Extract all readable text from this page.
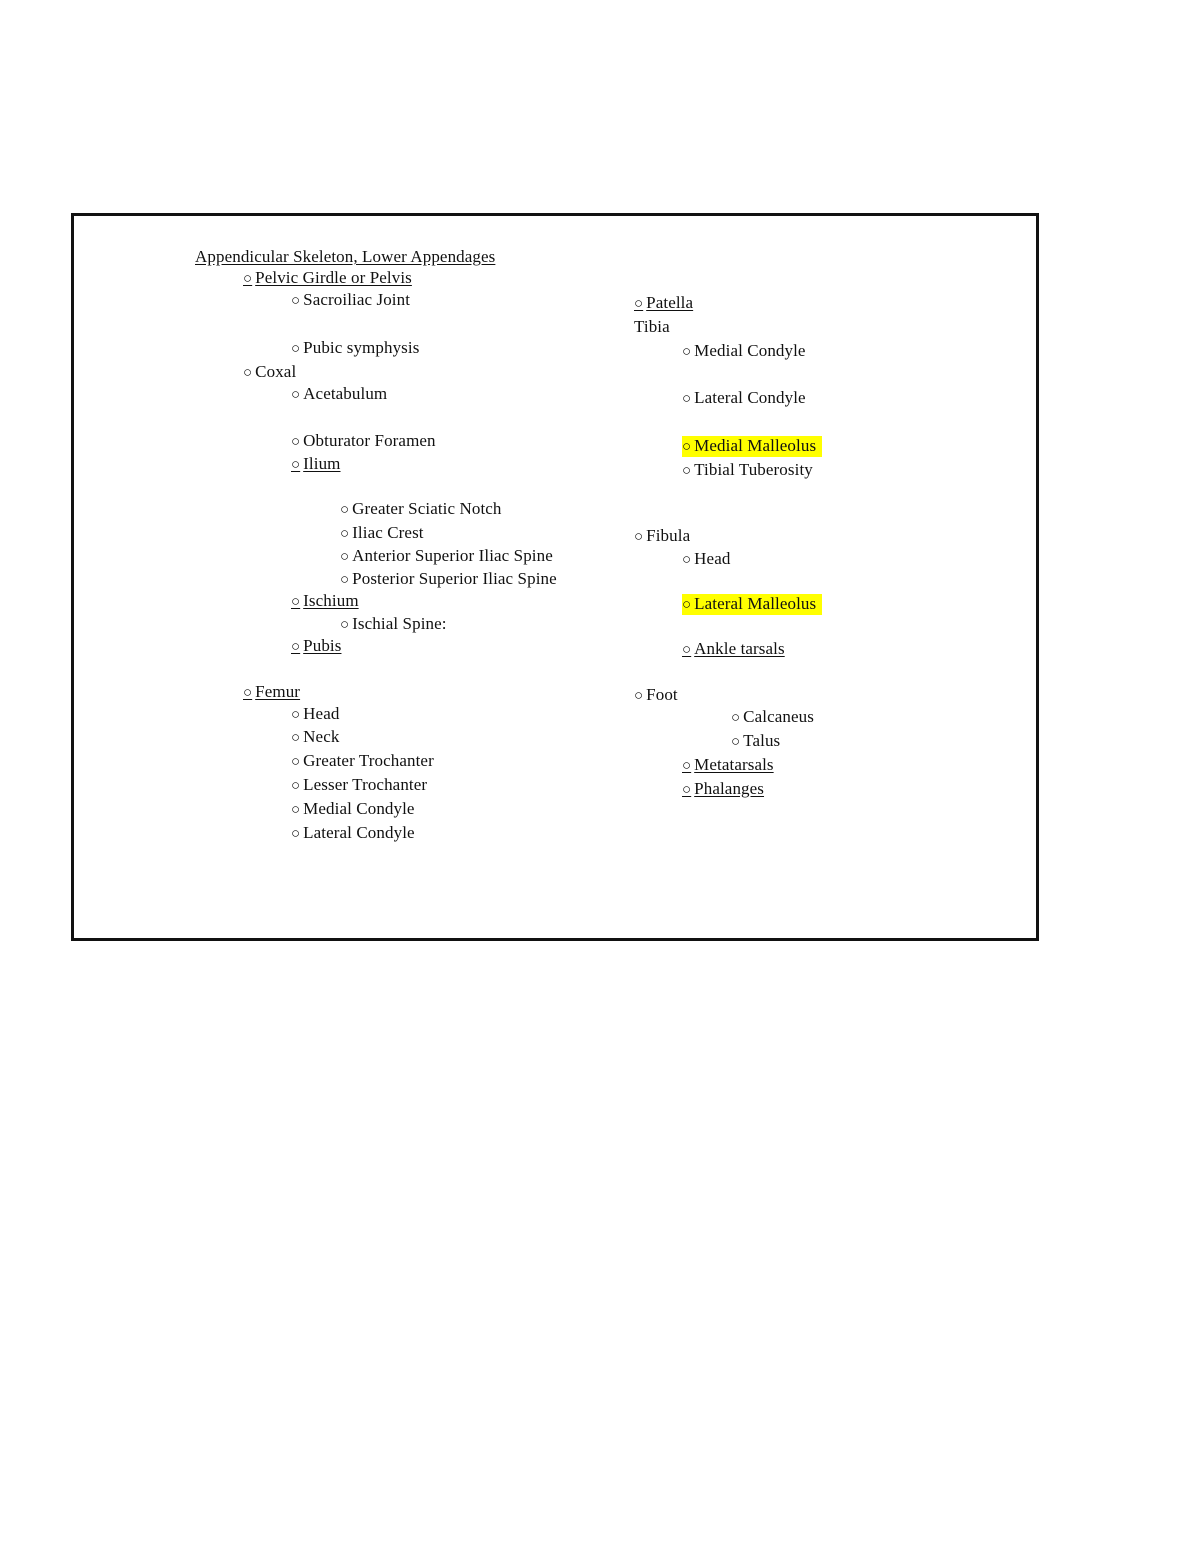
Appendicular Skeleton, Lower Appendages
○ Pelvic Girdle or Pelvis
○ Sacroiliac Joint
○ Pubic symphysis
○ Coxal
○ Acetabulum
○ Obturator Foramen
○ Ilium
○ Greater Sciatic Notch
○ Iliac Crest
○ Anterior Superior Iliac Spine
○ Posterior Superior Iliac Spine
○ Ischium
○ Ischial Spine:
○ Pubis
○ Femur
○ Head
○ Neck
○ Greater Trochanter
○ Lesser Trochanter
○ Medial Condyle
○ Lateral Condyle
○ Patella
Tibia
○ Medial Condyle
○ Lateral Condyle
○ Medial Malleolus
○ Tibial Tuberosity
○ Fibula
○ Head
○ Lateral Malleolus
○ Ankle tarsals
○ Foot
○ Calcaneus
○ Talus
○ Metatarsals
○ Phalanges
